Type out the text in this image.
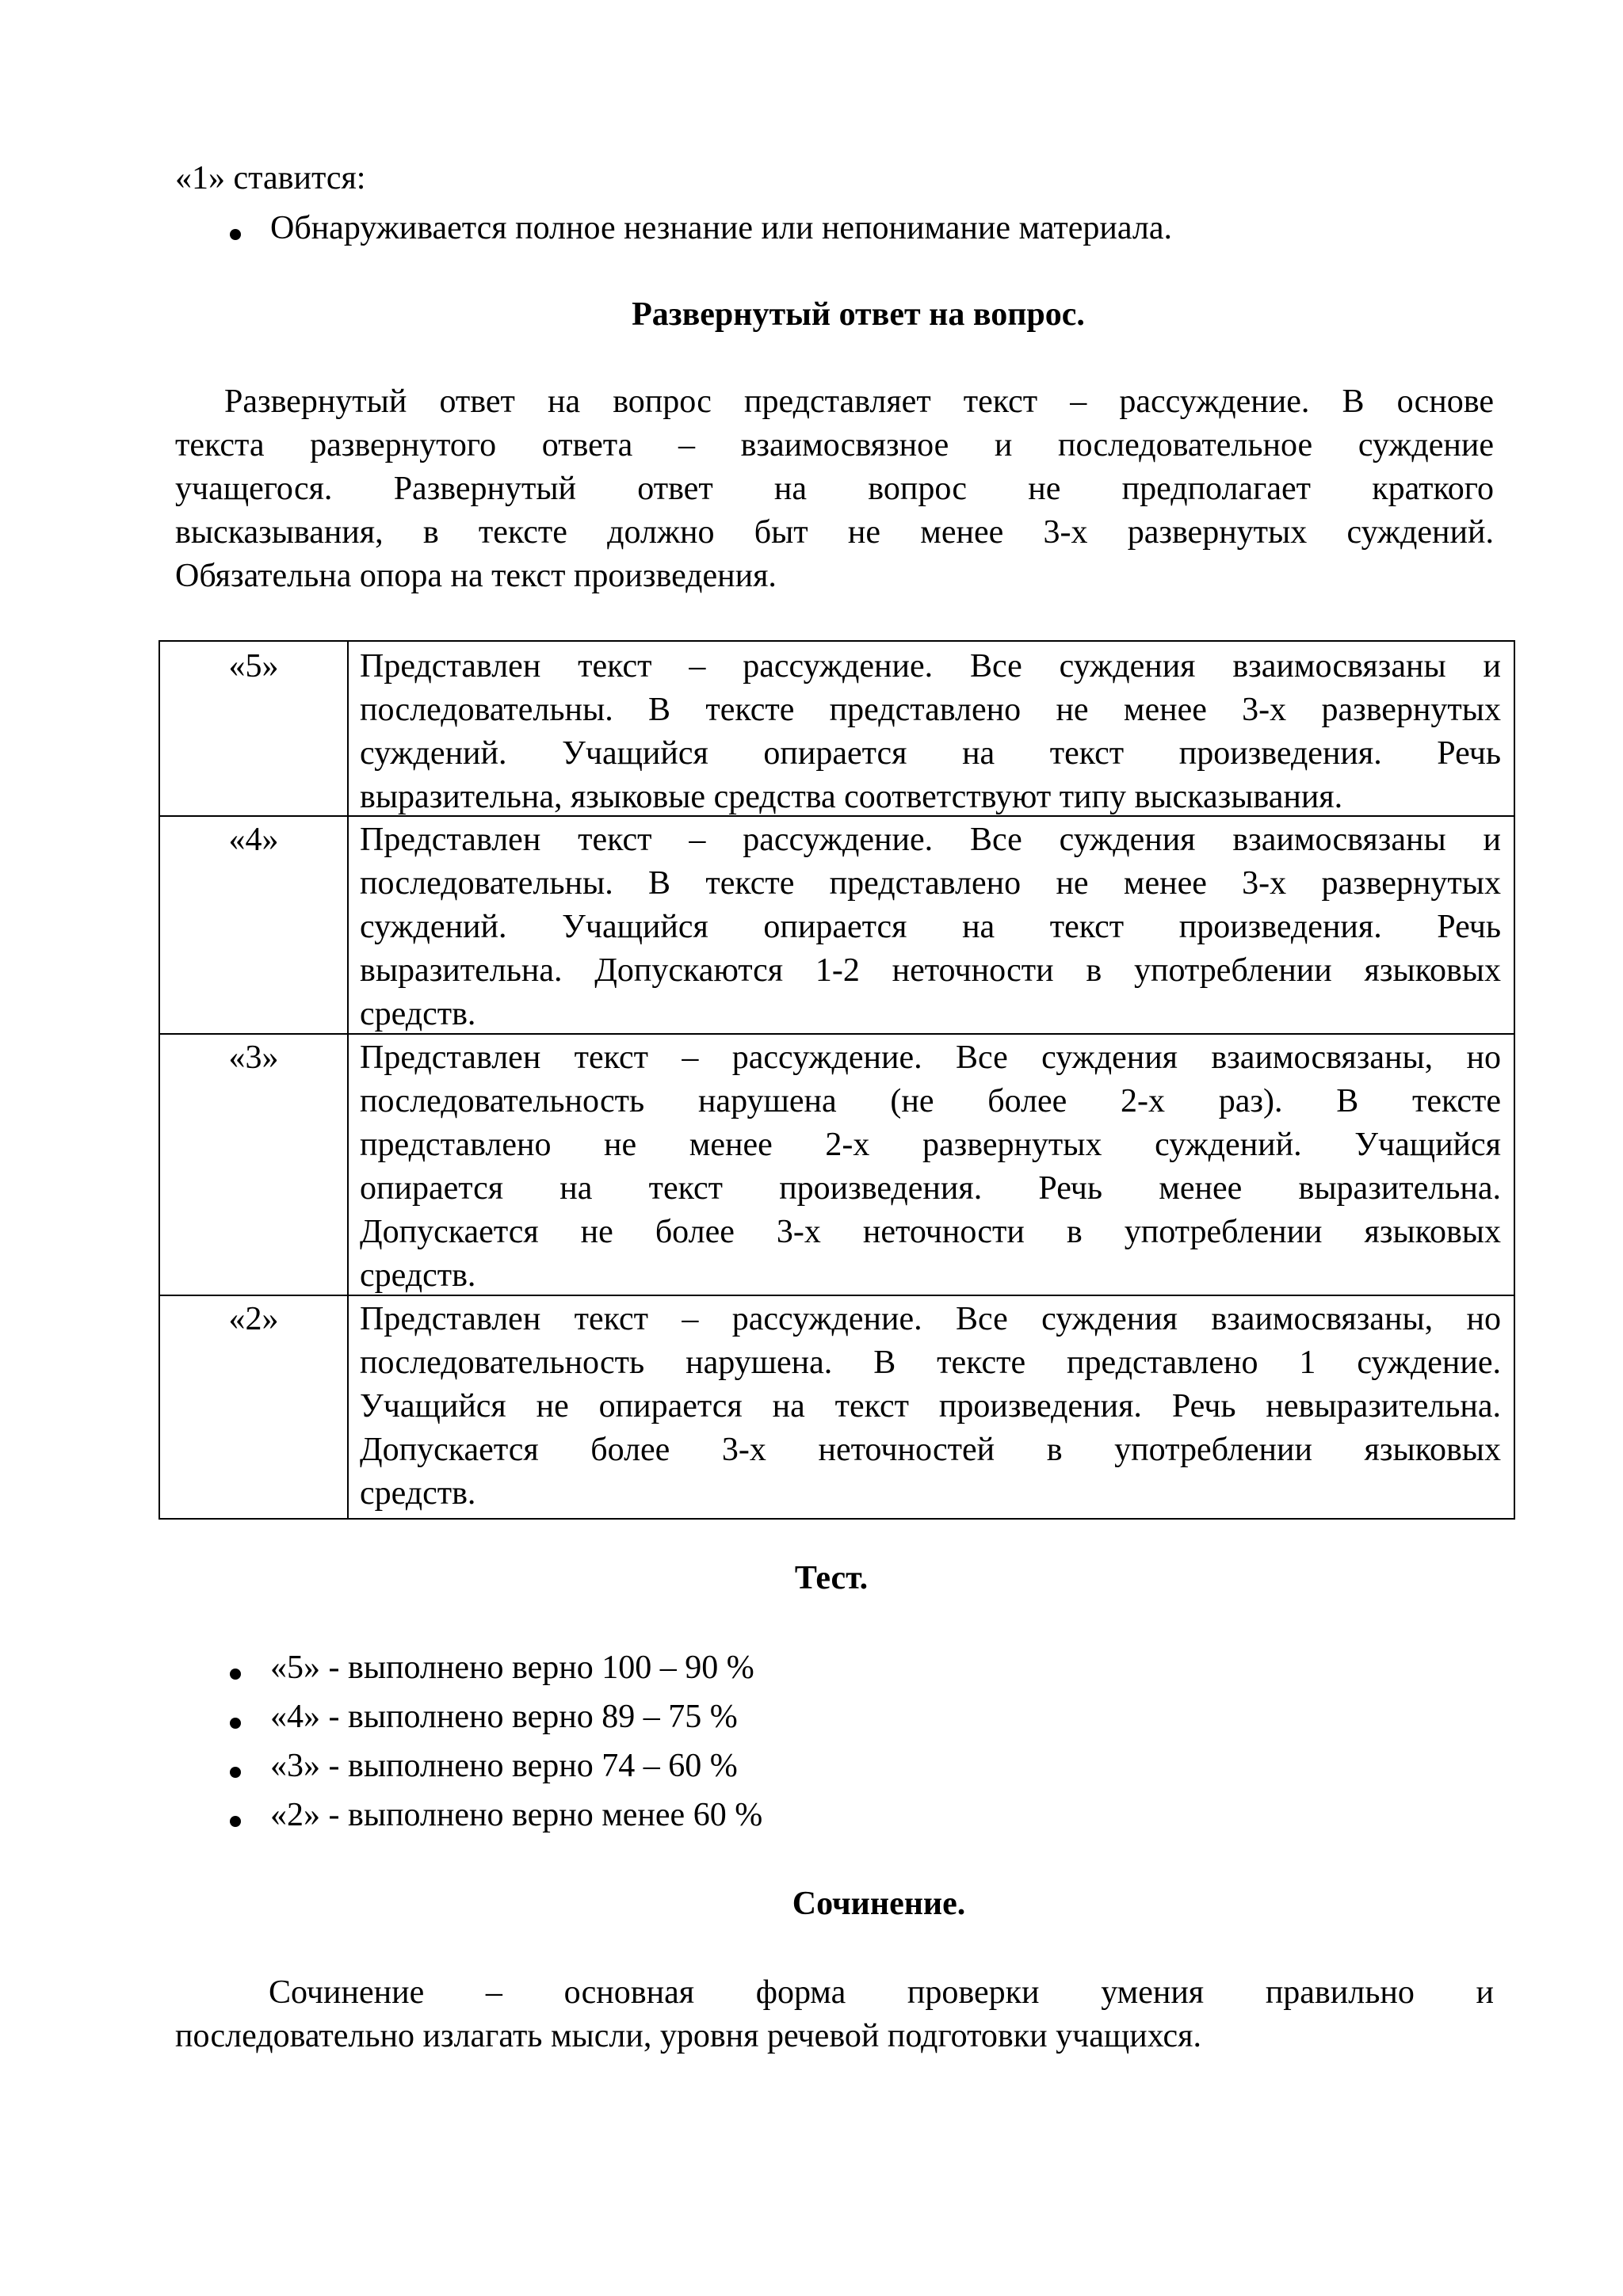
«1» ставится:
Обнаруживается полное незнание или непонимание материала.
Развернутый ответ на вопрос.
Развернутый ответ на вопрос представляет текст – рассуждение. В основе
текста развернутого ответа – взаимосвязное и последовательное суждение
учащегося. Развернутый ответ на вопрос не предполагает краткого
высказывания, в тексте должно быт не менее 3-х развернутых суждений.
Обязательна опора на текст произведения.
«5»	Представлен текст – рассуждение. Все суждения взаимосвязаны и
последовательны. В тексте представлено не менее 3-х развернутых
суждений. Учащийся опирается на текст произведения. Речь
выразительна, языковые средства соответствуют типу высказывания.
«4»	Представлен текст – рассуждение. Все суждения взаимосвязаны и
последовательны. В тексте представлено не менее 3-х развернутых
суждений. Учащийся опирается на текст произведения. Речь
выразительна. Допускаются 1-2 неточности в употреблении языковых
средств.
«3»	Представлен текст – рассуждение. Все суждения взаимосвязаны, но
последовательность нарушена (не более 2-х раз). В тексте
представлено не менее 2-х развернутых суждений. Учащийся
опирается на текст произведения. Речь менее выразительна.
Допускается не более 3-х неточности в употреблении языковых
средств.
«2»	Представлен текст – рассуждение. Все суждения взаимосвязаны, но
последовательность нарушена. В тексте представлено 1 суждение.
Учащийся не опирается на текст произведения. Речь невыразительна.
Допускается более 3-х неточностей в употреблении языковых
средств.
Тест.
«5» - выполнено верно 100 – 90 %
«4» - выполнено верно 89 – 75 %
«3» - выполнено верно 74 – 60 %
«2» - выполнено верно менее 60 %
Сочинение.
Сочинение – основная форма проверки умения правильно и
последовательно излагать мысли, уровня речевой подготовки учащихся.
